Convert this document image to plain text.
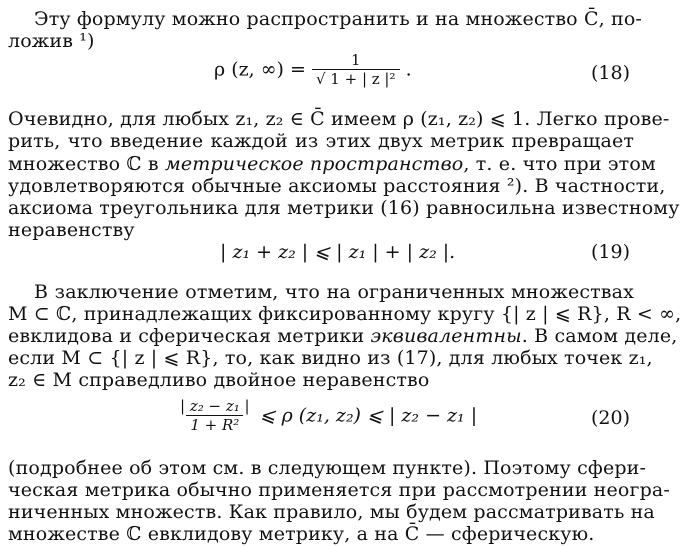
Эту формулу можно распространить и на множество C̄, по-
ложив ¹)
ρ (z, ∞) = $\frac{1}{\text{√ 1 + | z |²}}$ .	(18)
Очевидно, для любых z₁, z₂ ∈ C̄ имеем ρ (z₁, z₂) ⩽ 1. Легко прове-
рить, что введение каждой из этих двух метрик превращает
множество ℂ в метрическое пространство, т. е. что при этом
удовлетворяются обычные аксиомы расстояния ²). В частности,
аксиома треугольника для метрики (16) равносильна известному
неравенству
| z₁ + z₂ | ⩽ | z₁ | + | z₂ |.	(19)
В заключение отметим, что на ограниченных множествах
M ⊂ ℂ, принадлежащих фиксированному кругу {| z | ⩽ R}, R < ∞,
евклидова и сферическая метрики эквивалентны. В самом деле,
если M ⊂ {| z | ⩽ R}, то, как видно из (17), для любых точек z₁,
z₂ ∈ M справедливо двойное неравенство
$\frac{\text{| z₂ − z₁ |}}{\text{1 + R²}}$ ⩽ ρ (z₁, z₂) ⩽ | z₂ − z₁ |	(20)
(подробнее об этом см. в следующем пункте). Поэтому сфери-
ческая метрика обычно применяется при рассмотрении неогра-
ниченных множеств. Как правило, мы будем рассматривать на
множестве ℂ евклидову метрику, а на C̄ — сферическую.
